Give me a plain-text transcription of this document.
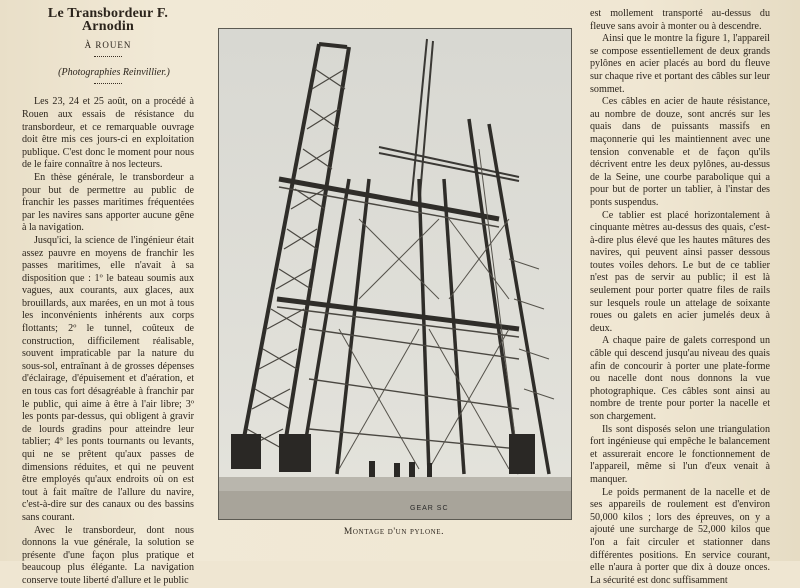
Le Transbordeur F. Arnodin
À ROUEN

(Photographies Reinvillier.)

Les 23, 24 et 25 août, on a procédé à Rouen aux essais de résistance du transbordeur, et ce remarquable ouvrage doit être mis ces jours-ci en exploitation publique. C'est donc le moment pour nous de le faire connaître à nos lecteurs.

En thèse générale, le transbordeur a pour but de permettre au public de franchir les passes maritimes fréquentées par les navires sans apporter aucune gêne à la navigation.

Jusqu'ici, la science de l'ingénieur était assez pauvre en moyens de franchir les passes maritimes, elle n'avait à sa disposition que : 1º le bateau soumis aux vagues, aux courants, aux glaces, aux brouillards, aux marées, en un mot à tous les inconvénients inhérents aux corps flottants; 2º le tunnel, coûteux de construction, difficilement réalisable, souvent impraticable par la nature du sous-sol, entraînant à de grosses dépenses d'éclairage, d'épuisement et d'aération, et en tous cas fort désagréable à franchir par le public, qui aime à être à l'air libre; 3º les ponts par-dessus, qui obligent à gravir de lourds gradins pour atteindre leur tablier; 4º les ponts tournants ou levants, qui ne se prêtent qu'aux passes de dimensions réduites, et qui ne peuvent être employés qu'aux endroits où on est tout à fait maître de l'allure du navire, c'est-à-dire sur des canaux ou des bassins sans courant.

Avec le transbordeur, dont nous donnons la vue générale, la solution se présente d'une façon plus pratique et beaucoup plus élégante. La navigation conserve toute liberté d'allure et le public

GEAR SC
Montage d'un pylone.

est mollement transporté au-dessus du fleuve sans avoir à monter ou à descendre.

Ainsi que le montre la figure 1, l'appareil se compose essentiellement de deux grands pylônes en acier placés au bord du fleuve sur chaque rive et portant des câbles sur leur sommet.

Ces câbles en acier de haute résistance, au nombre de douze, sont ancrés sur les quais dans de puissants massifs en maçonnerie qui les maintiennent avec une tension convenable et de façon qu'ils décrivent entre les deux pylônes, au-dessus de la Seine, une courbe parabolique qui a pour but de porter un tablier, à l'instar des ponts suspendus.

Ce tablier est placé horizontalement à cinquante mètres au-dessus des quais, c'est-à-dire plus élevé que les hautes mâtures des navires, qui peuvent ainsi passer dessous toutes voiles dehors. Le but de ce tablier n'est pas de servir au public; il est là seulement pour porter quatre files de rails sur lesquels roule un attelage de soixante roues ou galets en acier jumelés deux à deux.

A chaque paire de galets correspond un câble qui descend jusqu'au niveau des quais afin de concourir à porter une plate-forme ou nacelle dont nous donnons la vue photographique. Ces câbles sont ainsi au nombre de trente pour porter la nacelle et son chargement.

Ils sont disposés selon une triangulation fort ingénieuse qui empêche le balancement et assurerait encore le fonctionnement de l'appareil, même si l'un d'eux venait à manquer.

Le poids permanent de la nacelle et de ses appareils de roulement est d'environ 50,000 kilos ; lors des épreuves, on y a ajouté une surcharge de 52,000 kilos que l'on a fait circuler et stationner dans différentes positions. En service courant, elle n'aura à porter que dix à douze onces. La sécurité est donc suffisamment
